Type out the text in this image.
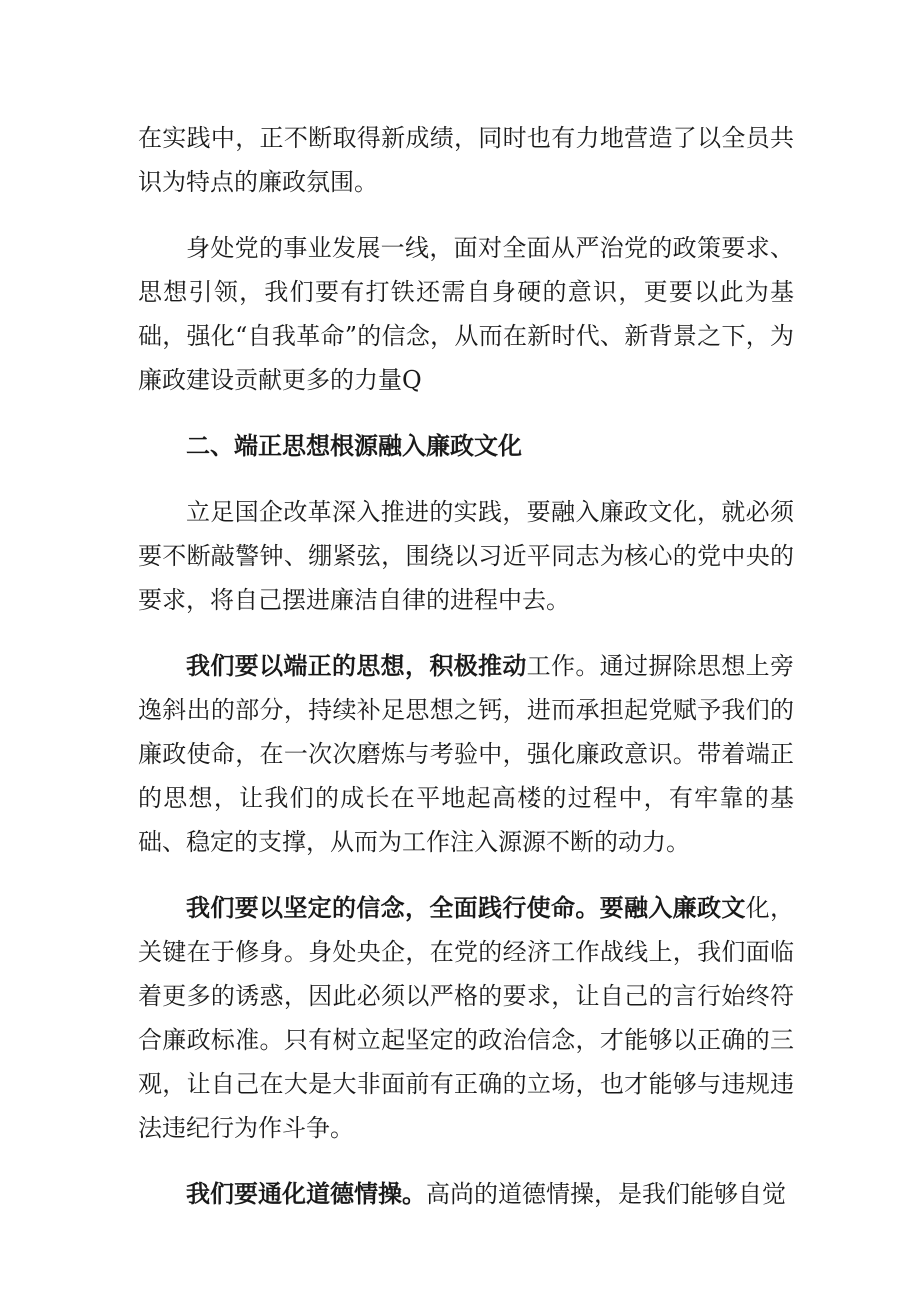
在实践中，正不断取得新成绩，同时也有力地营造了以全员共识为特点的廉政氛围。

身处党的事业发展一线，面对全面从严治党的政策要求、思想引领，我们要有打铁还需自身硬的意识，更要以此为基础，强化“自我革命”的信念，从而在新时代、新背景之下，为廉政建设贡献更多的力量Q

二、端正思想根源融入廉政文化

立足国企改革深入推进的实践，要融入廉政文化，就必须要不断敲警钟、绷紧弦，围绕以习近平同志为核心的党中央的要求，将自己摆进廉洁自律的进程中去。

我们要以端正的思想，积极推动工作。通过摒除思想上旁逸斜出的部分，持续补足思想之钙，进而承担起党赋予我们的廉政使命，在一次次磨炼与考验中，强化廉政意识。带着端正的思想，让我们的成长在平地起高楼的过程中，有牢靠的基础、稳定的支撑，从而为工作注入源源不断的动力。

我们要以坚定的信念，全面践行使命。要融入廉政文化，关键在于修身。身处央企，在党的经济工作战线上，我们面临着更多的诱惑，因此必须以严格的要求，让自己的言行始终符合廉政标准。只有树立起坚定的政治信念，才能够以正确的三观，让自己在大是大非面前有正确的立场，也才能够与违规违法违纪行为作斗争。

我们要通化道德情操。高尚的道德情操，是我们能够自觉
